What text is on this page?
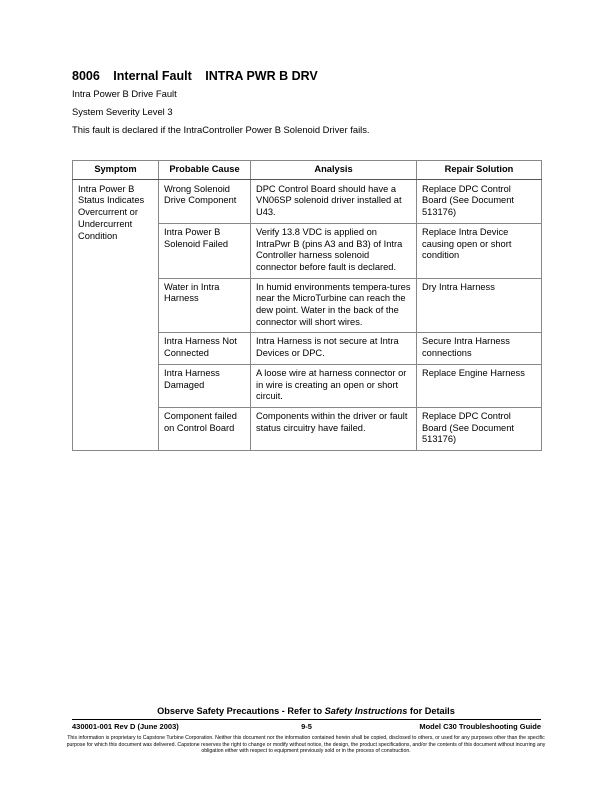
8006 Internal Fault INTRA PWR B DRV
Intra Power B Drive Fault
System Severity Level 3
This fault is declared if the IntraController Power B Solenoid Driver fails.
Symptom	Probable Cause	Analysis	Repair Solution
Intra Power B Status Indicates Overcurrent or Undercurrent Condition	Wrong Solenoid Drive Component	DPC Control Board should have a VN06SP solenoid driver installed at U43.	Replace DPC Control Board (See Document 513176)
	Intra Power B Solenoid Failed	Verify 13.8 VDC is applied on IntraPwr B (pins A3 and B3) of Intra Controller harness solenoid connector before fault is declared.	Replace Intra Device causing open or short condition
	Water in Intra Harness	In humid environments tempera-tures near the MicroTurbine can reach the dew point. Water in the back of the connector will short wires.	Dry Intra Harness
	Intra Harness Not Connected	Intra Harness is not secure at Intra Devices or DPC.	Secure Intra Harness connections
	Intra Harness Damaged	A loose wire at harness connector or in wire is creating an open or short circuit.	Replace Engine Harness
	Component failed on Control Board	Components within the driver or fault status circuitry have failed.	Replace DPC Control Board (See Document 513176)
Observe Safety Precautions - Refer to Safety Instructions for Details
430001-001 Rev D (June 2003)	9-5	Model C30 Troubleshooting Guide
This information is proprietary to Capstone Turbine Corporation. Neither this document nor the information contained herein shall be copied, disclosed to others, or used for any purposes other than the specific purpose for which this document was delivered. Capstone reserves the right to change or modify without notice, the design, the product specifications, and/or the contents of this document without incurring any obligation either with respect to equipment previously sold or in the process of construction.
